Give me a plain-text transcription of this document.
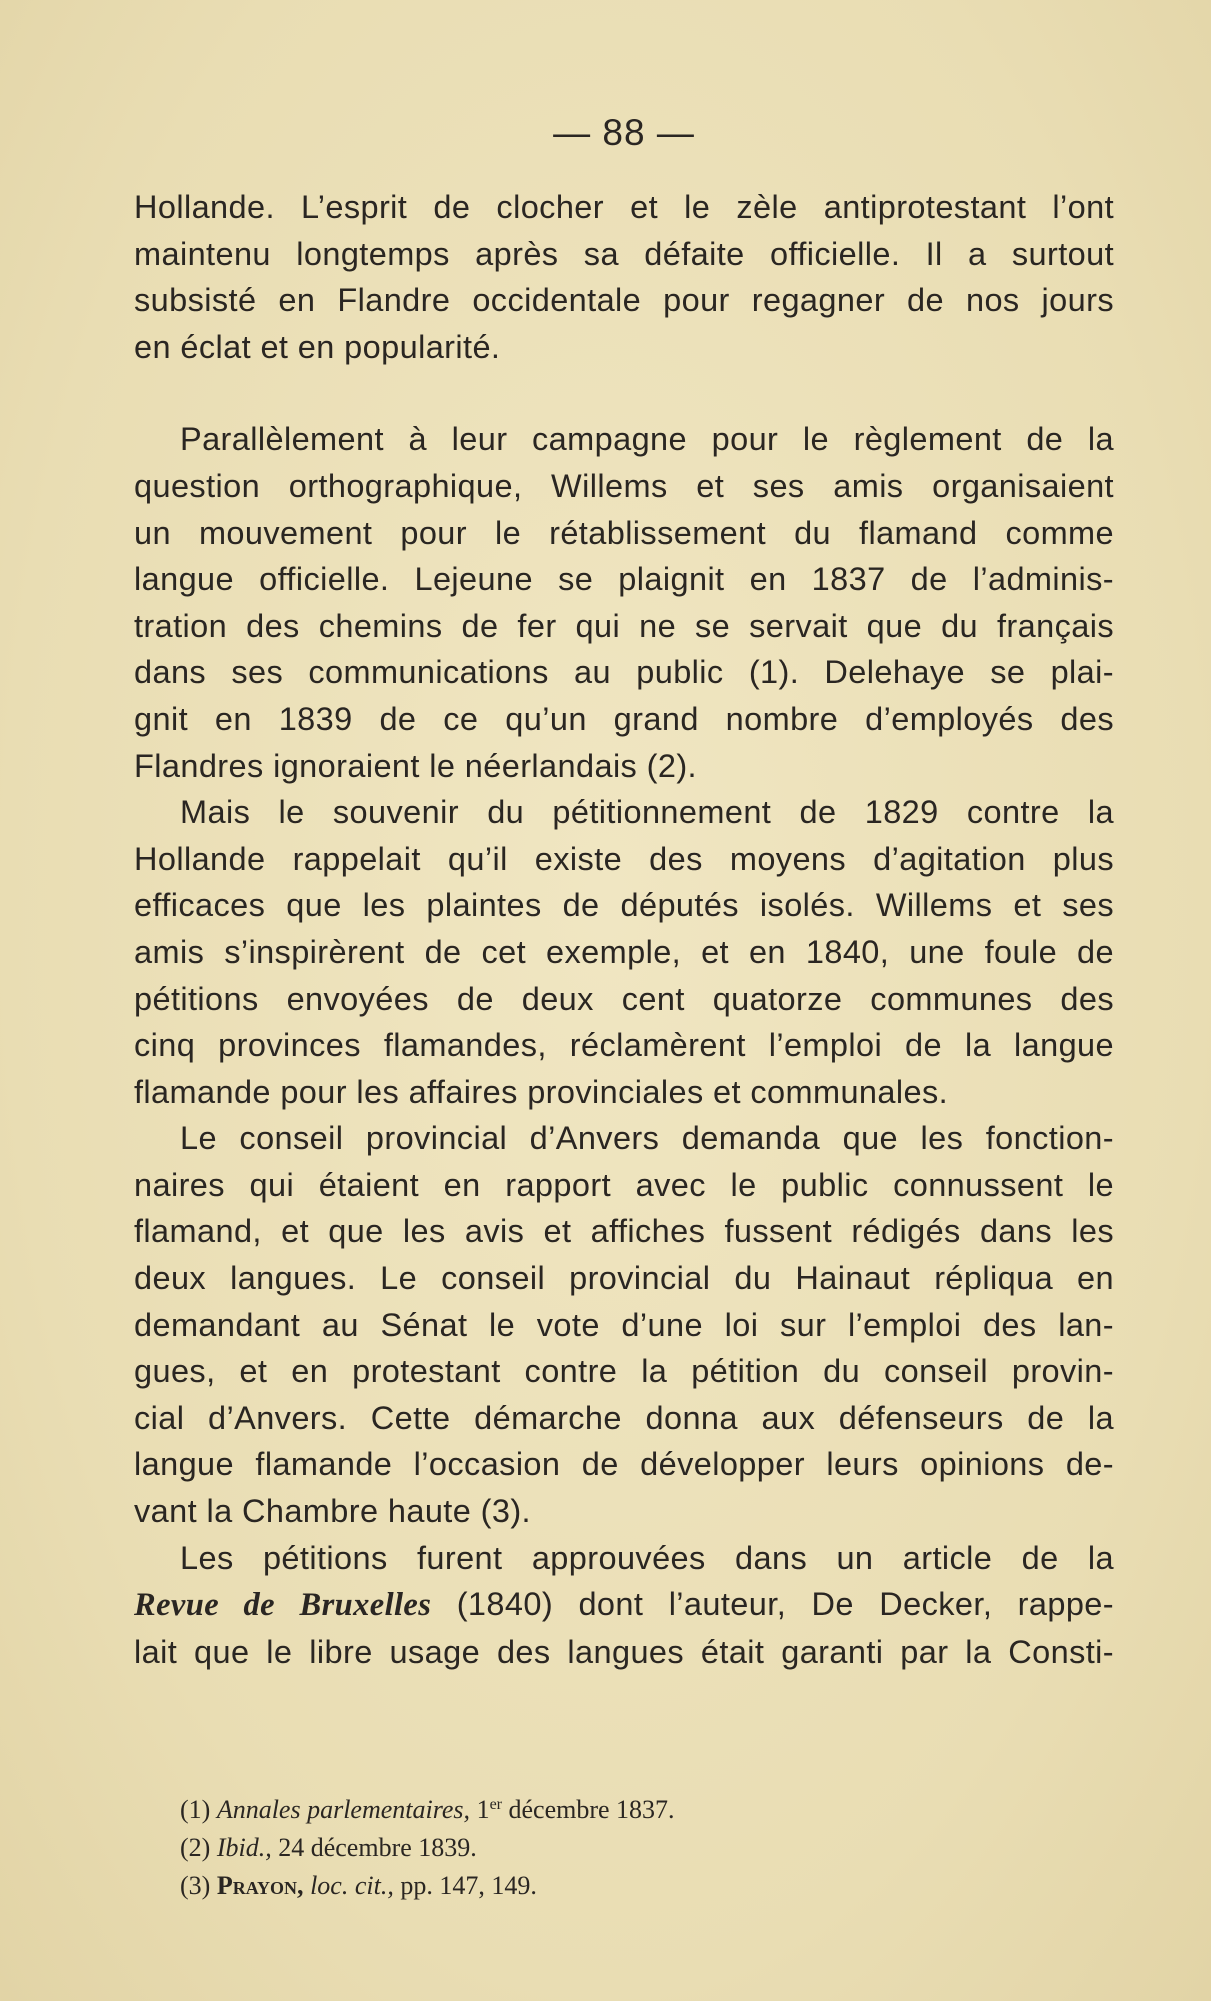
— 88 —

Hollande. L’esprit de clocher et le zèle antiprotestant l’ont
maintenu longtemps après sa défaite officielle. Il a surtout
subsisté en Flandre occidentale pour regagner de nos jours
en éclat et en popularité.

Parallèlement à leur campagne pour le règlement de la
question orthographique, Willems et ses amis organisaient
un mouvement pour le rétablissement du flamand comme
langue officielle. Lejeune se plaignit en 1837 de l’adminis-
tration des chemins de fer qui ne se servait que du français
dans ses communications au public (1). Delehaye se plai-
gnit en 1839 de ce qu’un grand nombre d’employés des
Flandres ignoraient le néerlandais (2).

Mais le souvenir du pétitionnement de 1829 contre la
Hollande rappelait qu’il existe des moyens d’agitation plus
efficaces que les plaintes de députés isolés. Willems et ses
amis s’inspirèrent de cet exemple, et en 1840, une foule de
pétitions envoyées de deux cent quatorze communes des
cinq provinces flamandes, réclamèrent l’emploi de la langue
flamande pour les affaires provinciales et communales.

Le conseil provincial d’Anvers demanda que les fonction-
naires qui étaient en rapport avec le public connussent le
flamand, et que les avis et affiches fussent rédigés dans les
deux langues. Le conseil provincial du Hainaut répliqua en
demandant au Sénat le vote d’une loi sur l’emploi des lan-
gues, et en protestant contre la pétition du conseil provin-
cial d’Anvers. Cette démarche donna aux défenseurs de la
langue flamande l’occasion de développer leurs opinions de-
vant la Chambre haute (3).

Les pétitions furent approuvées dans un article de la
Revue de Bruxelles (1840) dont l’auteur, De Decker, rappe-
lait que le libre usage des langues était garanti par la Consti-

(1) Annales parlementaires, 1er décembre 1837.
(2) Ibid., 24 décembre 1839.
(3) Prayon, loc. cit., pp. 147, 149.
